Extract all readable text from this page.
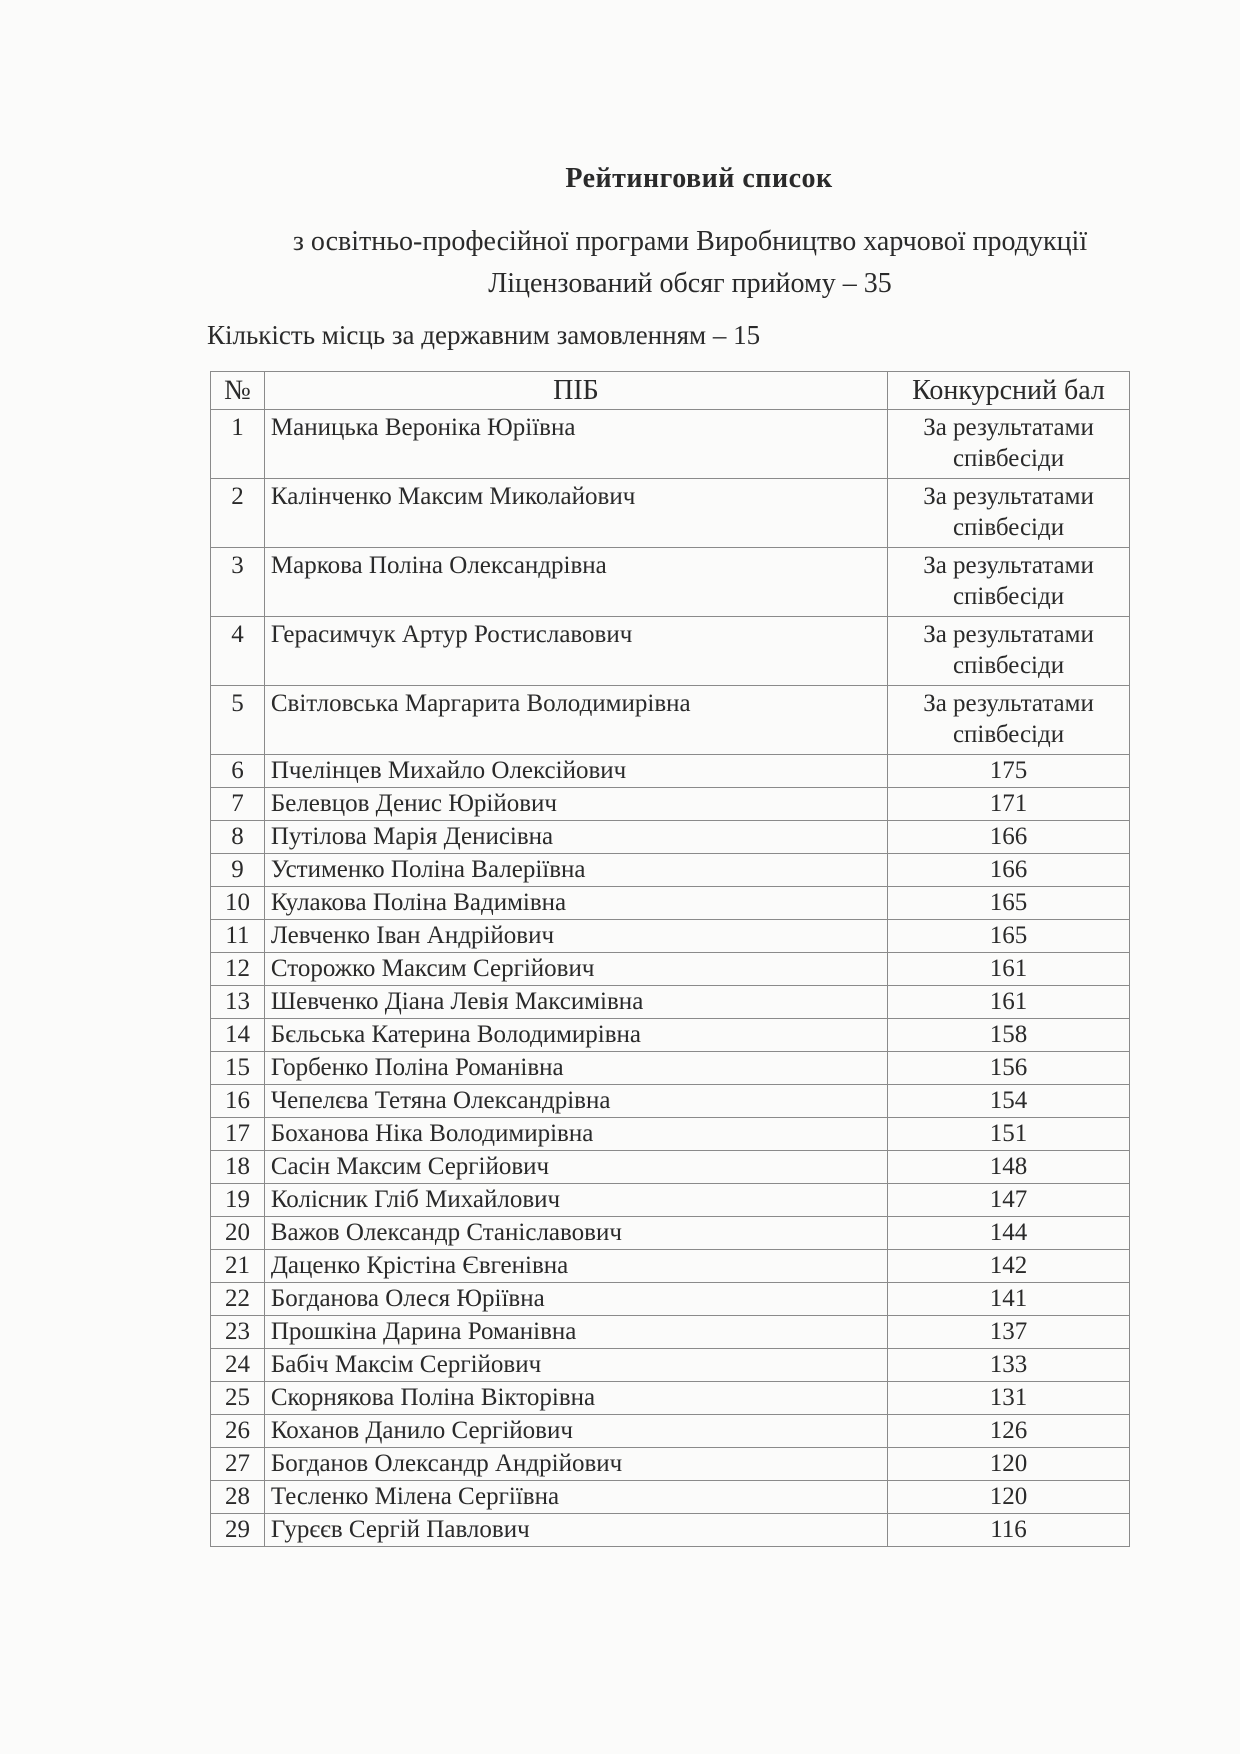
Рейтинговий список
з освітньо-професійної програми Виробництво харчової продукції
Ліцензований обсяг прийому – 35
Кількість місць за державним замовленням – 15
№	ПІБ	Конкурсний бал
1	Маницька Вероніка Юріївна	За результатами співбесіди
2	Калінченко Максим Миколайович	За результатами співбесіди
3	Маркова Поліна Олександрівна	За результатами співбесіди
4	Герасимчук Артур Ростиславович	За результатами співбесіди
5	Світловська Маргарита Володимирівна	За результатами співбесіди
6	Пчелінцев Михайло Олексійович	175
7	Белевцов Денис Юрійович	171
8	Путілова Марія Денисівна	166
9	Устименко Поліна Валеріївна	166
10	Кулакова Поліна Вадимівна	165
11	Левченко Іван Андрійович	165
12	Сторожко Максим Сергійович	161
13	Шевченко Діана Левія Максимівна	161
14	Бєльська Катерина Володимирівна	158
15	Горбенко Поліна Романівна	156
16	Чепелєва Тетяна Олександрівна	154
17	Боханова Ніка Володимирівна	151
18	Сасін Максим Сергійович	148
19	Колісник Гліб Михайлович	147
20	Важов Олександр Станіславович	144
21	Даценко Крістіна Євгенівна	142
22	Богданова Олеся Юріївна	141
23	Прошкіна Дарина Романівна	137
24	Бабіч Максім Сергійович	133
25	Скорнякова Поліна Вікторівна	131
26	Коханов Данило Сергійович	126
27	Богданов Олександр Андрійович	120
28	Тесленко Мілена Сергіївна	120
29	Гурєєв Сергій Павлович	116
